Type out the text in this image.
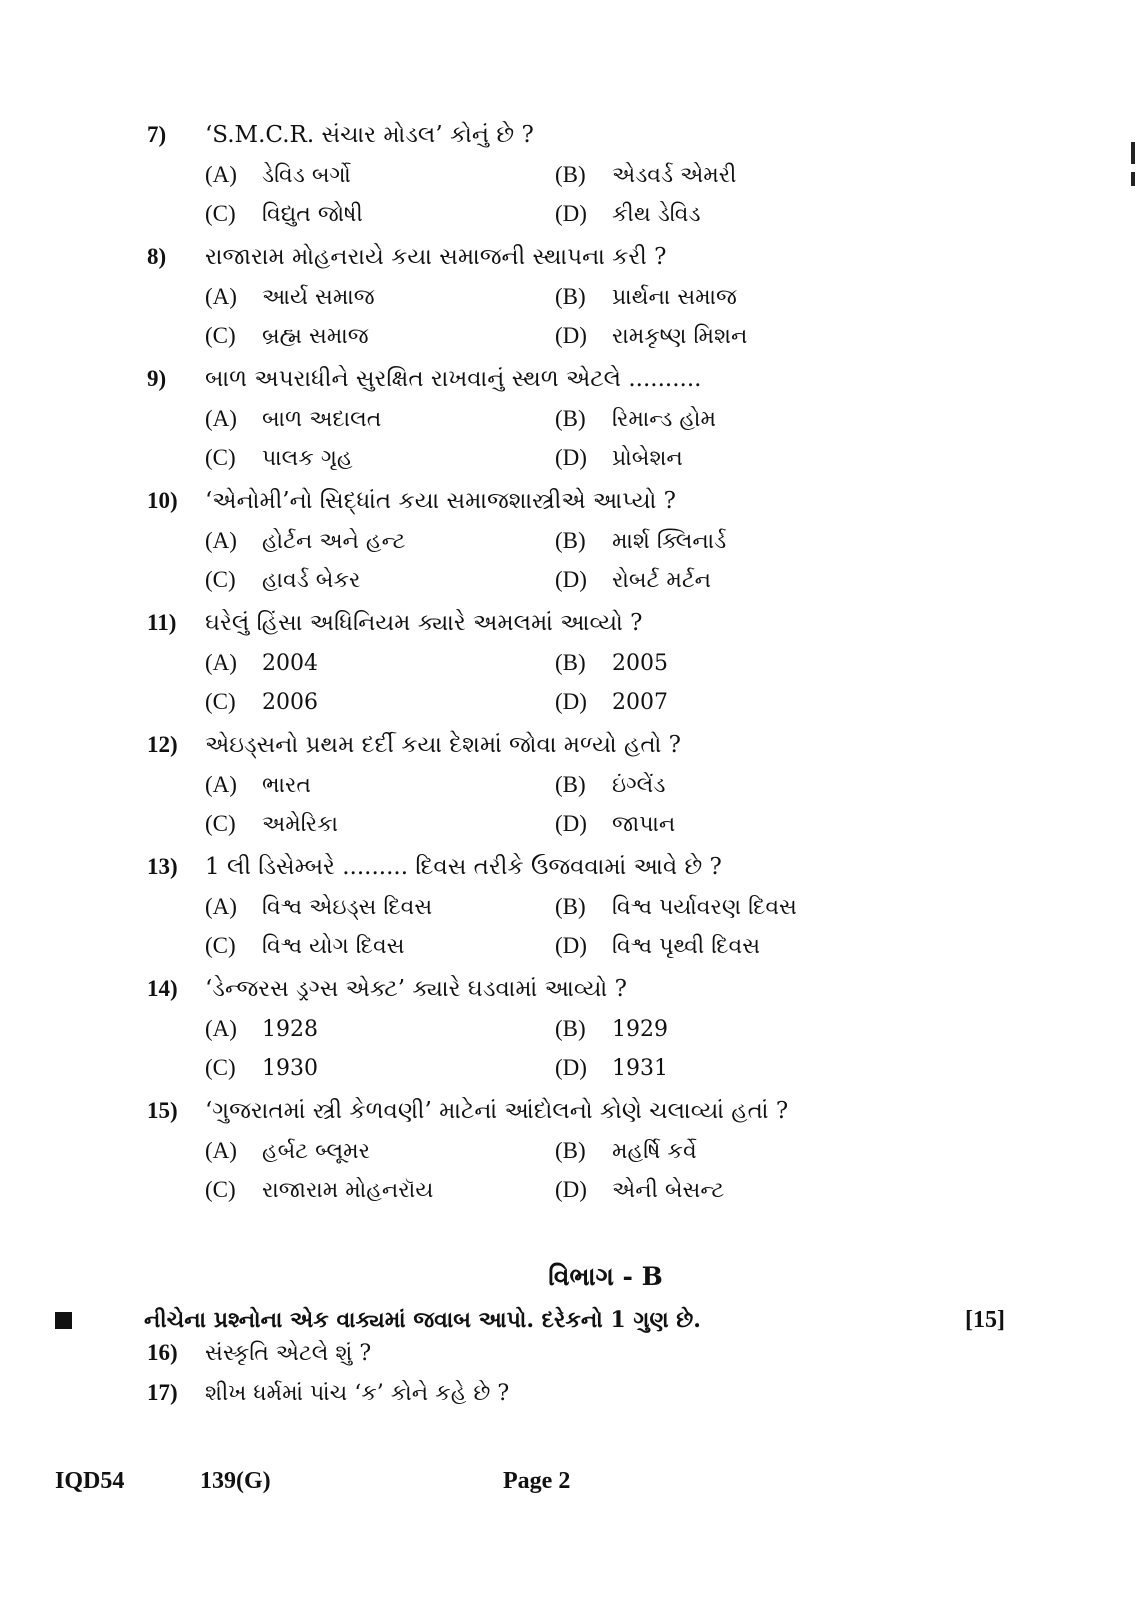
7)	‘S.M.C.R. સંચાર મોડલ’ કોનું છે ?
(A)	ડેવિડ બર્ગો	(B)	એડવર્ડ એમરી
(C)	વિદ્યુત જોષી	(D)	કીથ ડેવિડ
8)	રાજારામ મોહનરાયે કયા સમાજની સ્થાપના કરી ?
(A)	આર્ય સમાજ	(B)	પ્રાર્થના સમાજ
(C)	બ્રહ્મ સમાજ	(D)	રામકૃષ્ણ મિશન
9)	બાળ અપરાધીને સુરક્ષિત રાખવાનું સ્થળ એટલે ..........
(A)	બાળ અદાલત	(B)	રિમાન્ડ હોમ
(C)	પાલક ગૃહ	(D)	પ્રોબેશન
10)	‘એનોમી’નો સિદ્ધાંત કયા સમાજશાસ્ત્રીએ આપ્યો ?
(A)	હોર્ટન અને હન્ટ	(B)	માર્શ ક્લિનાર્ડ
(C)	હાવર્ડ બેકર	(D)	રોબર્ટ મર્ટન
11)	ઘરેલું હિંસા અધિનિયમ ક્યારે અમલમાં આવ્યો ?
(A)	2004	(B)	2005
(C)	2006	(D)	2007
12)	એઇડ્સનો પ્રથમ દર્દી કયા દેશમાં જોવા મળ્યો હતો ?
(A)	ભારત	(B)	ઇંગ્લેંડ
(C)	અમેરિકા	(D)	જાપાન
13)	1 લી ડિસેમ્બરે ......... દિવસ તરીકે ઉજવવામાં આવે છે ?
(A)	વિશ્વ એઇડ્સ દિવસ	(B)	વિશ્વ પર્યાવરણ દિવસ
(C)	વિશ્વ યોગ દિવસ	(D)	વિશ્વ પૃથ્વી દિવસ
14)	‘ડેન્જરસ ડ્રગ્સ એક્ટ’ ક્યારે ઘડવામાં આવ્યો ?
(A)	1928	(B)	1929
(C)	1930	(D)	1931
15)	‘ગુજરાતમાં સ્ત્રી કેળવણી’ માટેનાં આંદોલનો કોણે ચલાવ્યાં હતાં ?
(A)	હર્બટ બ્લૂમર	(B)	મહર્ષિ કર્વે
(C)	રાજારામ મોહનરૉય	(D)	એની બેસન્ટ
વિભાગ - B
નીચેના પ્રશ્નોના એક વાક્યમાં જવાબ આપો. દરેકનો 1 ગુણ છે.	[15]
16)	સંસ્કૃતિ એટલે શું ?
17)	શીખ ધર્મમાં પાંચ ‘ક’ કોને કહે છે ?
IQD54	139(G)	Page 2
